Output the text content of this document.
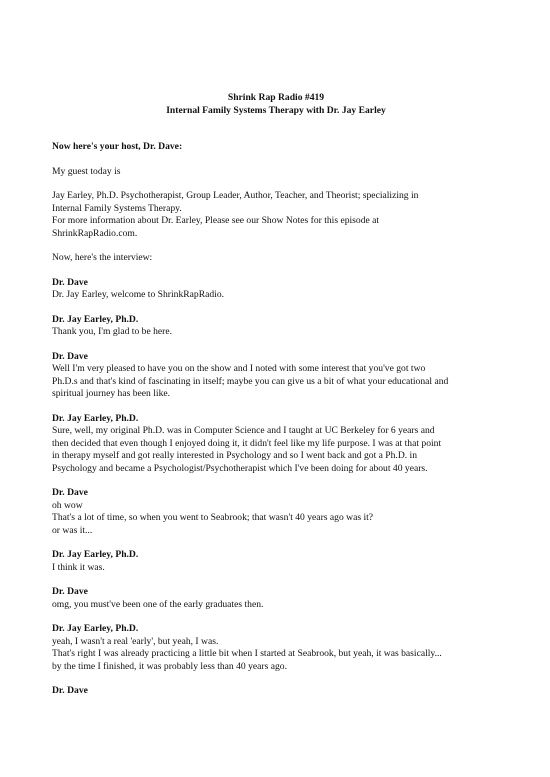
Shrink Rap Radio #419
Internal Family Systems Therapy with Dr. Jay Earley

Now here's your host, Dr. Dave:

My guest today is

Jay Earley, Ph.D. Psychotherapist, Group Leader, Author, Teacher, and Theorist; specializing in
Internal Family Systems Therapy.
For more information about Dr. Earley, Please see our Show Notes for this episode at
ShrinkRapRadio.com.

Now, here's the interview:

Dr. Dave
Dr. Jay Earley, welcome to ShrinkRapRadio.
Dr. Jay Earley, Ph.D.
Thank you, I'm glad to be here.
Dr. Dave
Well I'm very pleased to have you on the show and I noted with some interest that you've got two
Ph.D.s and that's kind of fascinating in itself; maybe you can give us a bit of what your educational and
spiritual journey has been like.
Dr. Jay Earley, Ph.D.
Sure, well, my original Ph.D. was in Computer Science and I taught at UC Berkeley for 6 years and
then decided that even though I enjoyed doing it, it didn't feel like my life purpose. I was at that point
in therapy myself and got really interested in Psychology and so I went back and got a Ph.D. in
Psychology and became a Psychologist/Psychotherapist which I've been doing for about 40 years.
Dr. Dave
oh wow
That's a lot of time, so when you went to Seabrook; that wasn't 40 years ago was it?
or was it...
Dr. Jay Earley, Ph.D.
I think it was.
Dr. Dave
omg, you must've been one of the early graduates then.
Dr. Jay Earley, Ph.D.
yeah, I wasn't a real 'early', but yeah, I was.
That's right I was already practicing a little bit when I started at Seabrook, but yeah, it was basically...
by the time I finished, it was probably less than 40 years ago.
Dr. Dave
